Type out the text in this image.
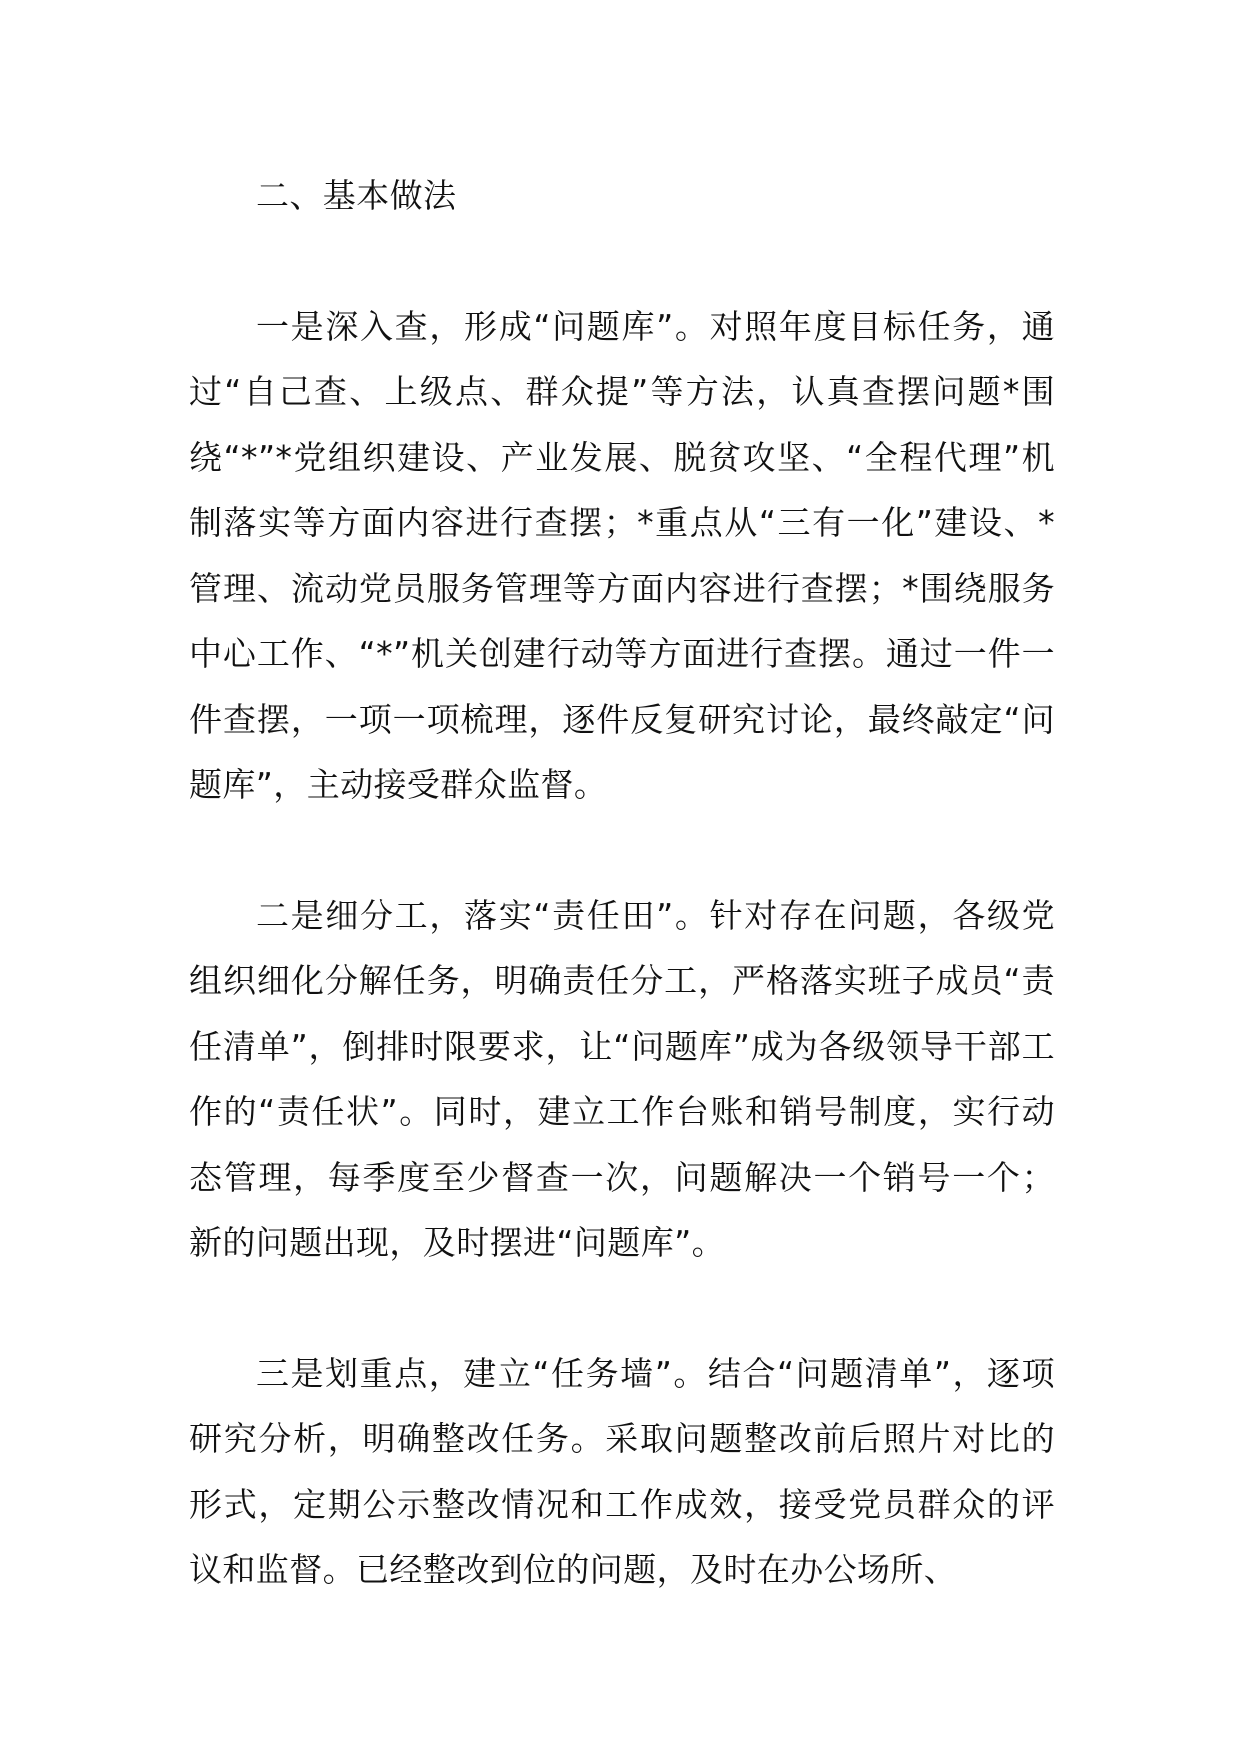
二、基本做法

一是深入查，形成“问题库”。对照年度目标任务，通过“自己查、上级点、群众提”等方法，认真查摆问题*围绕“*”*党组织建设、产业发展、脱贫攻坚、“全程代理”机制落实等方面内容进行查摆；*重点从“三有一化”建设、*管理、流动党员服务管理等方面内容进行查摆；*围绕服务中心工作、“*”机关创建行动等方面进行查摆。通过一件一件查摆，一项一项梳理，逐件反复研究讨论，最终敲定“问题库”，主动接受群众监督。

二是细分工，落实“责任田”。针对存在问题，各级党组织细化分解任务，明确责任分工，严格落实班子成员“责任清单”，倒排时限要求，让“问题库”成为各级领导干部工作的“责任状”。同时，建立工作台账和销号制度，实行动态管理，每季度至少督查一次，问题解决一个销号一个；新的问题出现，及时摆进“问题库”。

三是划重点，建立“任务墙”。结合“问题清单”，逐项研究分析，明确整改任务。采取问题整改前后照片对比的形式，定期公示整改情况和工作成效，接受党员群众的评议和监督。已经整改到位的问题，及时在办公场所、
